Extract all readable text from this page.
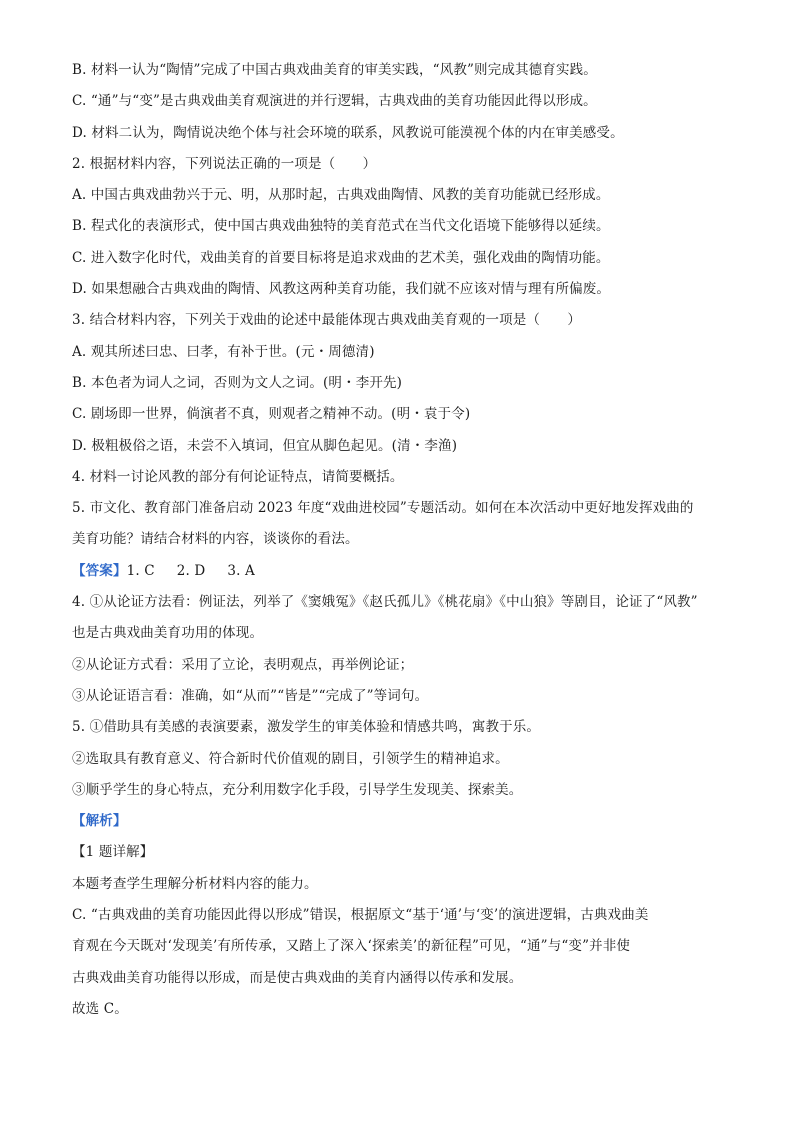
B. 材料一认为“陶情”完成了中国古典戏曲美育的审美实践，“风教”则完成其德育实践。
C. “通”与“变”是古典戏曲美育观演进的并行逻辑，古典戏曲的美育功能因此得以形成。
D. 材料二认为，陶情说决绝个体与社会环境的联系，风教说可能漠视个体的内在审美感受。
2. 根据材料内容，下列说法正确的一项是（　　）
A. 中国古典戏曲勃兴于元、明，从那时起，古典戏曲陶情、风教的美育功能就已经形成。
B. 程式化的表演形式，使中国古典戏曲独特的美育范式在当代文化语境下能够得以延续。
C. 进入数字化时代，戏曲美育的首要目标将是追求戏曲的艺术美，强化戏曲的陶情功能。
D. 如果想融合古典戏曲的陶情、风教这两种美育功能，我们就不应该对情与理有所偏废。
3. 结合材料内容，下列关于戏曲的论述中最能体现古典戏曲美育观的一项是（　　）
A. 观其所述曰忠、曰孝，有补于世。(元・周德清)
B. 本色者为词人之词，否则为文人之词。(明・李开先)
C. 剧场即一世界，倘演者不真，则观者之精神不动。(明・袁于令)
D. 极粗极俗之语，未尝不入填词，但宜从脚色起见。(清・李渔)
4. 材料一讨论风教的部分有何论证特点，请简要概括。
5. 市文化、教育部门准备启动 2023 年度“戏曲进校园”专题活动。如何在本次活动中更好地发挥戏曲的
美育功能？请结合材料的内容，谈谈你的看法。
【答案】1. C 2. D 3. A
4. ①从论证方法看：例证法，列举了《窦娥冤》《赵氏孤儿》《桃花扇》《中山狼》等剧目，论证了“风教”
也是古典戏曲美育功用的体现。
②从论证方式看：采用了立论，表明观点，再举例论证；
③从论证语言看：准确，如“从而”“皆是”“完成了”等词句。
5. ①借助具有美感的表演要素，激发学生的审美体验和情感共鸣，寓教于乐。
②选取具有教育意义、符合新时代价值观的剧目，引领学生的精神追求。
③顺乎学生的身心特点，充分利用数字化手段，引导学生发现美、探索美。
【解析】
【1 题详解】
本题考查学生理解分析材料内容的能力。
C. “古典戏曲的美育功能因此得以形成”错误，根据原文“基于‘通’与‘变’的演进逻辑，古典戏曲美
育观在今天既对‘发现美’有所传承，又踏上了深入‘探索美’的新征程”可见，“通”与“变”并非使
古典戏曲美育功能得以形成，而是使古典戏曲的美育内涵得以传承和发展。
故选 C。
